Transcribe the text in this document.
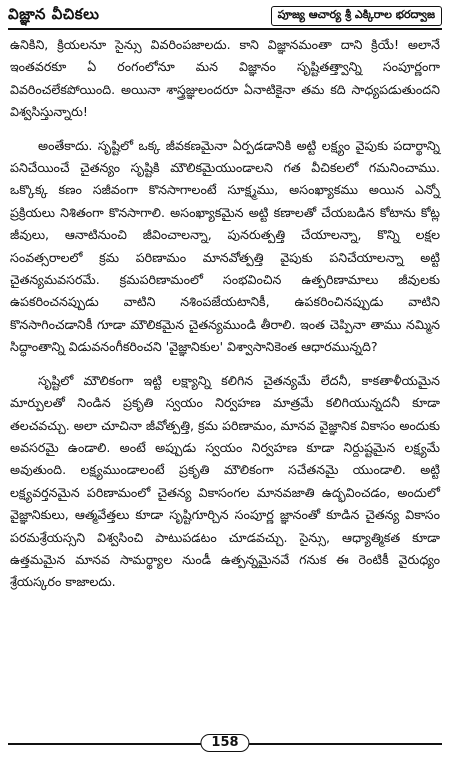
విజ్ఞాన వీచికలు	పూజ్య ఆచార్య శ్రీ ఎక్కిరాల భరద్వాజ

ఉనికిని, క్రియలనూ సైన్సు వివరింపజాలదు. కాని విజ్ఞానమంతా దాని క్రియే! అలానే ఇంతవరకూ ఏ రంగంలోనూ మన విజ్ఞానం సృష్టితత్త్వాన్ని సంపూర్ణంగా వివరించలేకపోయింది. అయినా శాస్త్రజ్ఞులందరూ ఏనాటికైనా తమ కది సాధ్యపడుతుందని విశ్వసిస్తున్నారు!

అంతేకాదు. సృష్టిలో ఒక్క జీవకణమైనా ఏర్పడడానికి అట్టి లక్ష్యం వైపుకు పదార్థాన్ని పనిచేయించే చైతన్యం సృష్టికి మౌలికమైయుండాలని గత వీచికలలో గమనించాము. ఒక్కొక్క కణం సజీవంగా కొనసాగాలంటే సూక్ష్మము, అసంఖ్యాకము అయిన ఎన్నో ప్రక్రియలు నిశితంగా కొనసాగాలి. అసంఖ్యాకమైన అట్టి కణాలతో చేయబడిన కోటాను కోట్ల జీవులు, ఆనాటినుంచి జీవించాలన్నా, పునరుత్పత్తి చేయాలన్నా, కొన్ని లక్షల సంవత్సరాలలో క్రమ పరిణామం మానవోత్పత్తి వైపుకు పనిచేయాలన్నా అట్టి చైతన్యమవసరమే. క్రమపరిణామంలో సంభవించిన ఉత్పరిణామాలు జీవులకు ఉపకరించనప్పుడు వాటిని నశింపజేయటానికీ, ఉపకరించినప్పుడు వాటిని కొనసాగించడానికీ గూడా మౌలికమైన చైతన్యముండి తీరాలి. ఇంత చెప్పినా తాము నమ్మిన సిద్ధాంతాన్ని విడువనంగీకరించని 'వైజ్ఞానికుల' విశ్వాసానికెంత ఆధారమున్నది?

సృష్టిలో మౌలికంగా ఇట్టి లక్ష్యాన్ని కలిగిన చైతన్యమే లేదనీ, కాకతాళీయమైన మార్పులతో నిండిన ప్రకృతి స్వయం నిర్వహణ మాత్రమే కలిగియున్నదనీ కూడా తలచవచ్చు. అలా చూచినా జీవోత్పత్తి, క్రమ పరిణామం, మానవ వైజ్ఞానిక వికాసం అందుకు అవసరమై ఉండాలి. అంటే అప్పుడు స్వయం నిర్వహణ కూడా నిర్దుష్టమైన లక్ష్యమే అవుతుంది. లక్ష్యముండాలంటే ప్రకృతి మౌలికంగా సచేతనమై యుండాలి. అట్టి లక్ష్యవర్తనమైన పరిణామంలో చైతన్య వికాసంగల మానవజాతి ఉద్భవించడం, అందులో వైజ్ఞానికులు, ఆత్మవేత్తలు కూడా సృష్టిగూర్చిన సంపూర్ణ జ్ఞానంతో కూడిన చైతన్య వికాసం పరమశ్రేయస్సని విశ్వసించి పాటుపడటం చూడవచ్చు. సైన్సు, ఆధ్యాత్మికత కూడా ఉత్తమమైన మానవ సామర్థ్యాల నుండీ ఉత్పన్నమైనవే గనుక ఈ రెంటికీ వైరుధ్యం శ్రేయస్కరం కాజాలదు.

158
